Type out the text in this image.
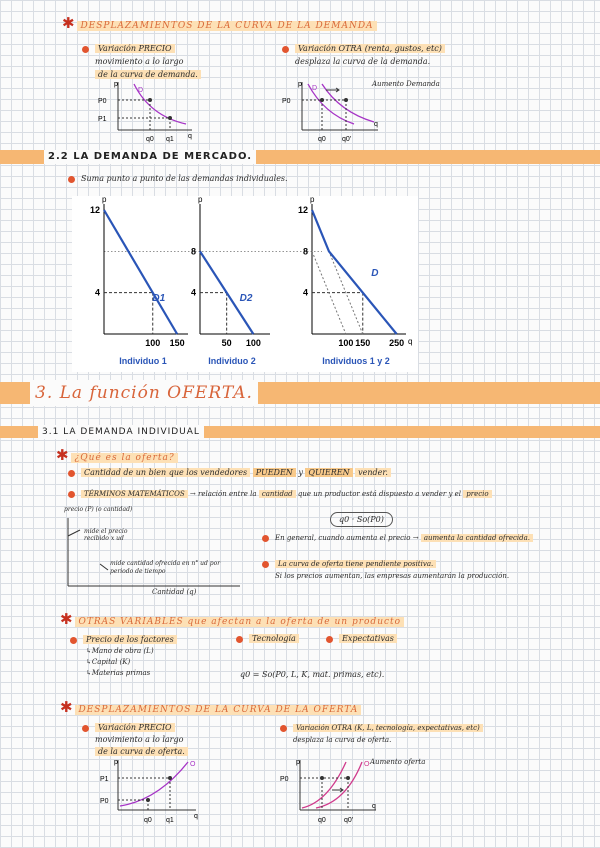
✱ DESPLAZAMIENTOS DE LA CURVA DE LA DEMANDA
Variación PRECIO
movimiento a lo largo
de la curva de demanda.
p
q
P0
P1
q0 q1
D
Variación OTRA (renta, gustos, etc)
desplaza la curva de la demanda.
Aumento Demanda
p
q
P0
q0 q0'
D
2.2 LA DEMANDA DE MERCADO.
Suma punto a punto de las demandas individuales.
p
12
4
100 150
D1
Individuo 1
p
8
4
50 100
D2
Individuo 2
p
q
12
8
4
100 150 250
D
Individuos 1 y 2
3. La función OFERTA.
3.1 LA DEMANDA INDIVIDUAL
✱ ¿Qué es la oferta?
Cantidad de un bien que los vendedores PUEDEN y QUIEREN vender.
TÉRMINOS MATEMÁTICOS → relación entre la cantidad que un productor está dispuesto a vender y el precio
q0 · So(P0)
precio (P) (o cantidad)
mide el precio recibido x ud
mide cantidad ofrecida en n° ud por periodo de tiempo
Cantidad (q)
En general, cuando aumenta el precio → aumenta la cantidad ofrecida.
La curva de oferta tiene pendiente positiva.
Si los precios aumentan, las empresas aumentarán la producción.
✱ OTRAS VARIABLES que afectan a la oferta de un producto
Precio de los factores
↳Mano de obra (L)
↳Capital (K)
↳Materias primas
Tecnología	Expectativas
q0 = So(P0, L, K, mat. primas, etc).
✱ DESPLAZAMIENTOS DE LA CURVA DE LA OFERTA
Variación PRECIO
movimiento a lo largo
de la curva de oferta.
p
q
P1
P0
q0 q1
O
Variación OTRA (K, L, tecnología, expectativas, etc)
desplaza la curva de oferta.
Aumento oferta
p
q
P0
q0	q0'
O
